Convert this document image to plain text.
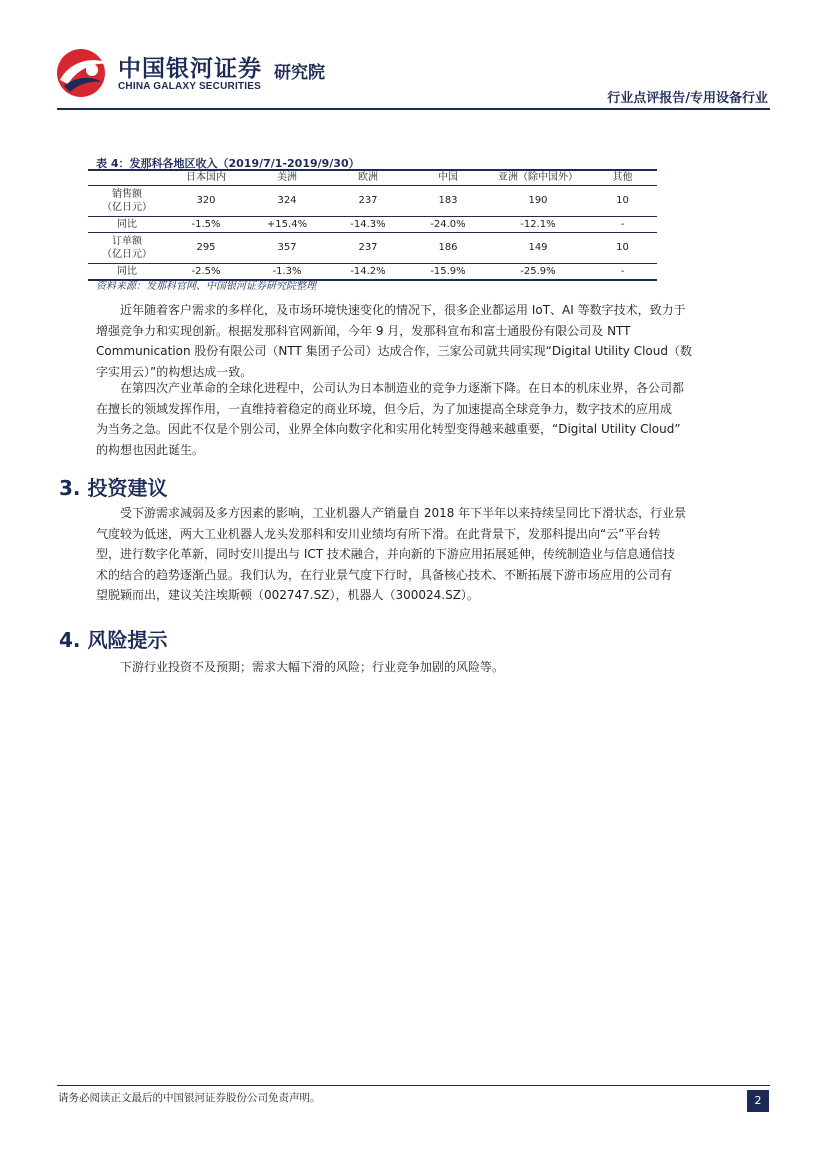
中国银河证券 研究院
CHINA GALAXY SECURITIES
行业点评报告/专用设备行业
表 4：发那科各地区收入（2019/7/1-2019/9/30）
	日本国内	美洲	欧洲	中国	亚洲（除中国外）	其他
销售额
（亿日元）	320	324	237	183	190	10
同比	-1.5%	+15.4%	-14.3%	-24.0%	-12.1%	-
订单额
（亿日元）	295	357	237	186	149	10
同比	-2.5%	-1.3%	-14.2%	-15.9%	-25.9%	-
资料来源：发那科官网、中国银河证券研究院整理
近年随着客户需求的多样化，及市场环境快速变化的情况下，很多企业都运用 IoT、AI 等数字技术，致力于
增强竞争力和实现创新。根据发那科官网新闻，今年 9 月，发那科宣布和富士通股份有限公司及 NTT
Communication 股份有限公司（NTT 集团子公司）达成合作，三家公司就共同实现“Digital Utility Cloud（数
字实用云）”的构想达成一致。
在第四次产业革命的全球化进程中，公司认为日本制造业的竞争力逐渐下降。在日本的机床业界，各公司都
在擅长的领域发挥作用，一直维持着稳定的商业环境，但今后，为了加速提高全球竞争力，数字技术的应用成
为当务之急。因此不仅是个别公司，业界全体向数字化和实用化转型变得越来越重要，“Digital Utility Cloud”
的构想也因此诞生。
3. 投资建议
受下游需求减弱及多方因素的影响，工业机器人产销量自 2018 年下半年以来持续呈同比下滑状态，行业景
气度较为低迷，两大工业机器人龙头发那科和安川业绩均有所下滑。在此背景下，发那科提出向“云”平台转
型，进行数字化革新，同时安川提出与 ICT 技术融合，并向新的下游应用拓展延伸，传统制造业与信息通信技
术的结合的趋势逐渐凸显。我们认为，在行业景气度下行时，具备核心技术、不断拓展下游市场应用的公司有
望脱颖而出，建议关注埃斯顿（002747.SZ），机器人（300024.SZ）。
4. 风险提示
下游行业投资不及预期；需求大幅下滑的风险；行业竞争加剧的风险等。
请务必阅读正文最后的中国银河证券股份公司免责声明。	2
